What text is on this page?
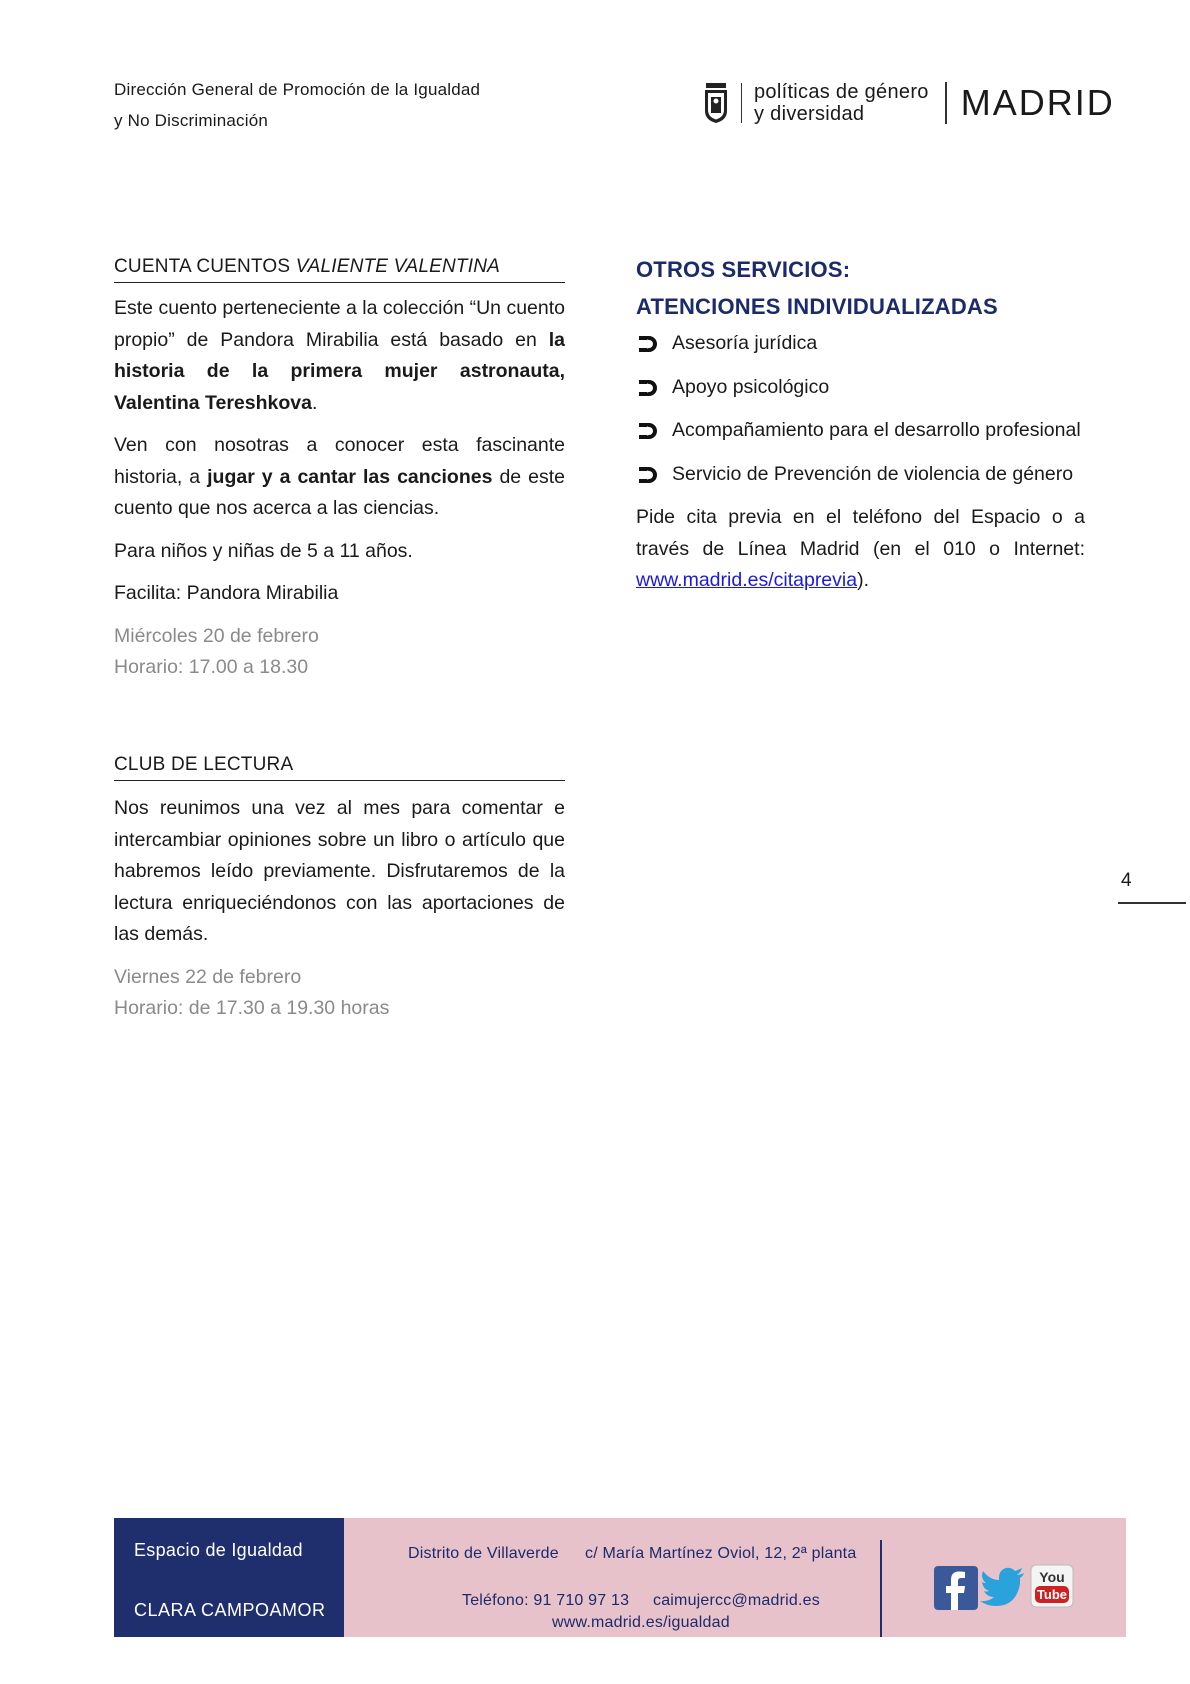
Dirección General de Promoción de la Igualdad
y No Discriminación
políticas de género
y diversidad	MADRID
CUENTA CUENTOS VALIENTE VALENTINA

Este cuento perteneciente a la colección “Un cuento propio” de Pandora Mirabilia está basado en la historia de la primera mujer astronauta, Valentina Tereshkova.

Ven con nosotras a conocer esta fascinante historia, a jugar y a cantar las canciones de este cuento que nos acerca a las ciencias.

Para niños y niñas de 5 a 11 años.

Facilita: Pandora Mirabilia

Miércoles 20 de febrero

Horario: 17.00 a 18.30

CLUB DE LECTURA

Nos reunimos una vez al mes para comentar e intercambiar opiniones sobre un libro o artículo que habremos leído previamente. Disfrutaremos de la lectura enriqueciéndonos con las aportaciones de las demás.

Viernes 22 de febrero

Horario: de 17.30 a 19.30 horas

OTROS SERVICIOS:
ATENCIONES INDIVIDUALIZADAS
Asesoría jurídica
Apoyo psicológico
Acompañamiento para el desarrollo profesional
Servicio de Prevención de violencia de género

Pide cita previa en el teléfono del Espacio o a través de Línea Madrid (en el 010 o Internet: www.madrid.es/citaprevia).

4
Espacio de Igualdad
CLARA CAMPOAMOR
Distrito de Villaverde c/ María Martínez Oviol, 12, 2ª planta
Teléfono: 91 710 97 13 caimujercc@madrid.es
www.madrid.es/igualdad
You
Tube
